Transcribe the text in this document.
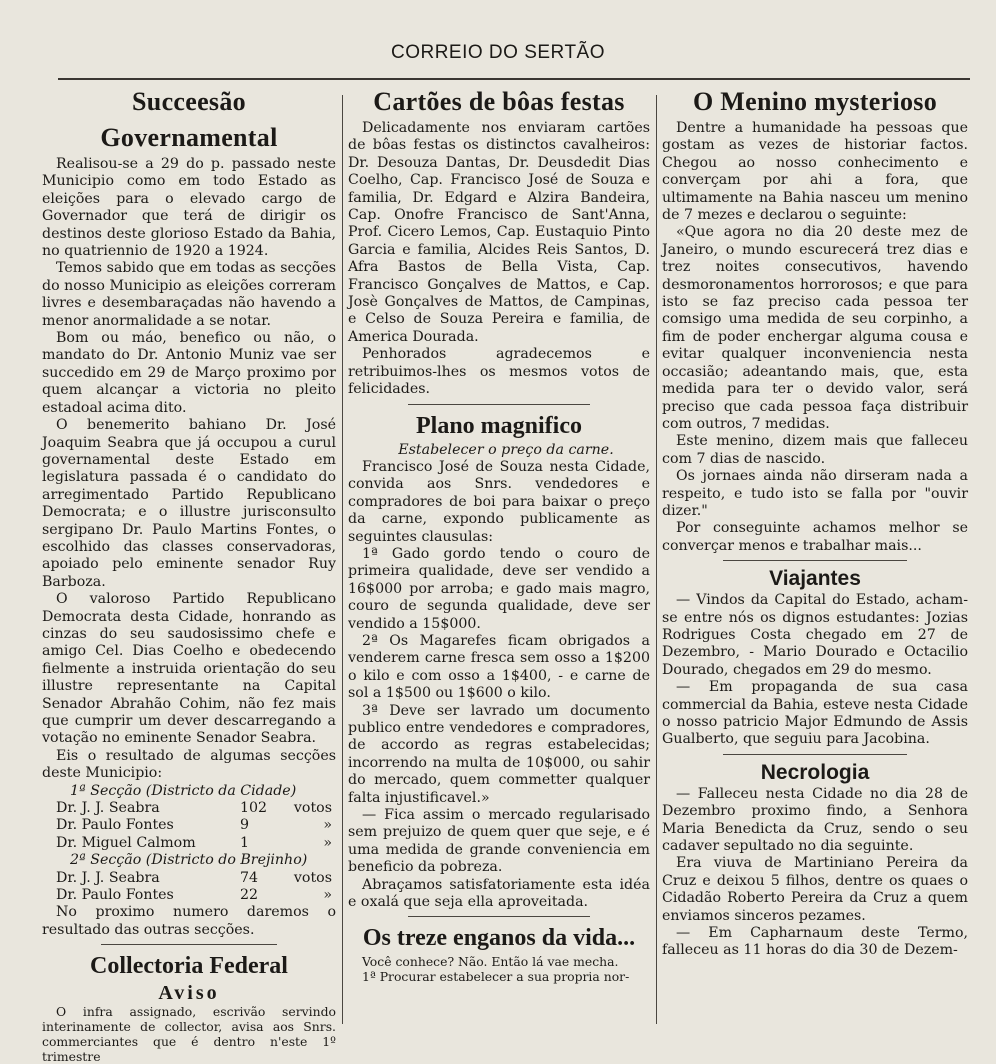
CORREIO DO SERTÃO
Succeesão Governamental

Realisou-se a 29 do p. passado neste Municipio como em todo Estado as eleições para o elevado cargo de Governador que terá de dirigir os destinos deste glorioso Estado da Bahia, no quatriennio de 1920 a 1924.

Temos sabido que em todas as secções do nosso Municipio as eleições correram livres e desembaraçadas não havendo a menor anormalidade a se notar.

Bom ou máo, benefico ou não, o mandato do Dr. Antonio Muniz vae ser succedido em 29 de Março proximo por quem alcançar a victoria no pleito estadoal acima dito.

O benemerito bahiano Dr. José Joaquim Seabra que já occupou a curul governamental deste Estado em legislatura passada é o candidato do arregimentado Partido Republicano Democrata; e o illustre jurisconsulto sergipano Dr. Paulo Martins Fontes, o escolhido das classes conservadoras, apoiado pelo eminente senador Ruy Barboza.

O valoroso Partido Republicano Democrata desta Cidade, honrando as cinzas do seu saudosissimo chefe e amigo Cel. Dias Coelho e obedecendo fielmente a instruida orientação do seu illustre representante na Capital Senador Abrahão Cohim, não fez mais que cumprir um dever descarregando a votação no eminente Senador Seabra.

Eis o resultado de algumas secções deste Municipio:

1ª Secção (Districto da Cidade)

Dr. J. J. Seabra	102 votos
Dr. Paulo Fontes	9	»
Dr. Miguel Calmom	1	»

2ª Secção (Districto do Brejinho)

Dr. J. J. Seabra	74	votos
Dr. Paulo Fontes	22	»

No proximo numero daremos o resultado das outras secções.

Collectoria Federal
Aviso

O infra assignado, escrivão servindo interinamente de collector, avisa aos Snrs. commerciantes que é dentro n'este 1º trimestre

Cartões de bôas festas

Delicadamente nos enviaram cartões de bôas festas os distinctos cavalheiros: Dr. Desouza Dantas, Dr. Deusdedit Dias Coelho, Cap. Francisco José de Souza e familia, Dr. Edgard e Alzira Bandeira, Cap. Onofre Francisco de Sant'Anna, Prof. Cicero Lemos, Cap. Eustaquio Pinto Garcia e familia, Alcides Reis Santos, D. Afra Bastos de Bella Vista, Cap. Francisco Gonçalves de Mattos, e Cap. Josè Gonçalves de Mattos, de Campinas, e Celso de Souza Pereira e familia, de America Dourada.

Penhorados agradecemos e retribuimos-lhes os mesmos votos de felicidades.

Plano magnifico

Estabelecer o preço da carne.

Francisco José de Souza nesta Cidade, convida aos Snrs. vendedores e compradores de boi para baixar o preço da carne, expondo publicamente as seguintes clausulas:

1ª Gado gordo tendo o couro de primeira qualidade, deve ser vendido a 16$000 por arroba; e gado mais magro, couro de segunda qualidade, deve ser vendido a 15$000.

2ª Os Magarefes ficam obrigados a venderem carne fresca sem osso a 1$200 o kilo e com osso a 1$400, - e carne de sol a 1$500 ou 1$600 o kilo.

3ª Deve ser lavrado um documento publico entre vendedores e compradores, de accordo as regras estabelecidas; incorrendo na multa de 10$000, ou sahir do mercado, quem commetter qualquer falta injustificavel.»

— Fica assim o mercado regularisado sem prejuizo de quem quer que seje, e é uma medida de grande conveniencia em beneficio da pobreza.

Abraçamos satisfatoriamente esta idéa e oxalá que seja ella aproveitada.

Os treze enganos da vida...

Você conhece? Não. Então lá vae mecha.

1ª Procurar estabelecer a sua propria nor-

O Menino mysterioso

Dentre a humanidade ha pessoas que gostam as vezes de historiar factos. Chegou ao nosso conhecimento e converçam por ahi a fora, que ultimamente na Bahia nasceu um menino de 7 mezes e declarou o seguinte:

«Que agora no dia 20 deste mez de Janeiro, o mundo escurecerá trez dias e trez noites consecutivos, havendo desmoronamentos horrorosos; e que para isto se faz preciso cada pessoa ter comsigo uma medida de seu corpinho, a fim de poder enchergar alguma cousa e evitar qualquer inconveniencia nesta occasião; adeantando mais, que, esta medida para ter o devido valor, será preciso que cada pessoa faça distribuir com outros, 7 medidas.

Este menino, dizem mais que falleceu com 7 dias de nascido.

Os jornaes ainda não dirseram nada a respeito, e tudo isto se falla por "ouvir dizer."

Por conseguinte achamos melhor se converçar menos e trabalhar mais...

Viajantes

— Vindos da Capital do Estado, acham-se entre nós os dignos estudantes: Jozias Rodrigues Costa chegado em 27 de Dezembro, - Mario Dourado e Octacilio Dourado, chegados em 29 do mesmo.

— Em propaganda de sua casa commercial da Bahia, esteve nesta Cidade o nosso patricio Major Edmundo de Assis Gualberto, que seguiu para Jacobina.

Necrologia

— Falleceu nesta Cidade no dia 28 de Dezembro proximo findo, a Senhora Maria Benedicta da Cruz, sendo o seu cadaver sepultado no dia seguinte.

Era viuva de Martiniano Pereira da Cruz e deixou 5 filhos, dentre os quaes o Cidadão Roberto Pereira da Cruz a quem enviamos sinceros pezames.

— Em Capharnaum deste Termo, falleceu as 11 horas do dia 30 de Dezem-
